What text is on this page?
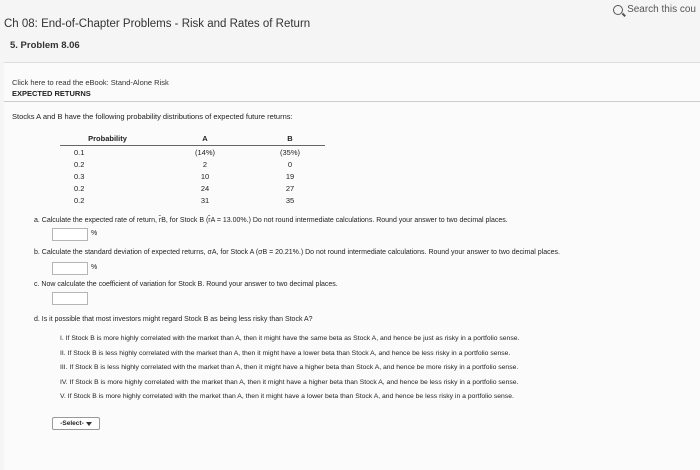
Search this cou
Ch 08: End-of-Chapter Problems - Risk and Rates of Return
5. Problem 8.06
Click here to read the eBook: Stand-Alone Risk
EXPECTED RETURNS
Stocks A and B have the following probability distributions of expected future returns:
Probability	A	B
0.1	(14%)	(35%)
0.2	2	0
0.3	10	19
0.2	24	27
0.2	31	35
a. Calculate the expected rate of return, r̂B, for Stock B (r̂A = 13.00%.) Do not round intermediate calculations. Round your answer to two decimal places.
%
b. Calculate the standard deviation of expected returns, σA, for Stock A (σB = 20.21%.) Do not round intermediate calculations. Round your answer to two decimal places.
%
c. Now calculate the coefficient of variation for Stock B. Round your answer to two decimal places.
d. Is it possible that most investors might regard Stock B as being less risky than Stock A?
I. If Stock B is more highly correlated with the market than A, then it might have the same beta as Stock A, and hence be just as risky in a portfolio sense.
II. If Stock B is less highly correlated with the market than A, then it might have a lower beta than Stock A, and hence be less risky in a portfolio sense.
III. If Stock B is less highly correlated with the market than A, then it might have a higher beta than Stock A, and hence be more risky in a portfolio sense.
IV. If Stock B is more highly correlated with the market than A, then it might have a higher beta than Stock A, and hence be less risky in a portfolio sense.
V. If Stock B is more highly correlated with the market than A, then it might have a lower beta than Stock A, and hence be less risky in a portfolio sense.
-Select-
